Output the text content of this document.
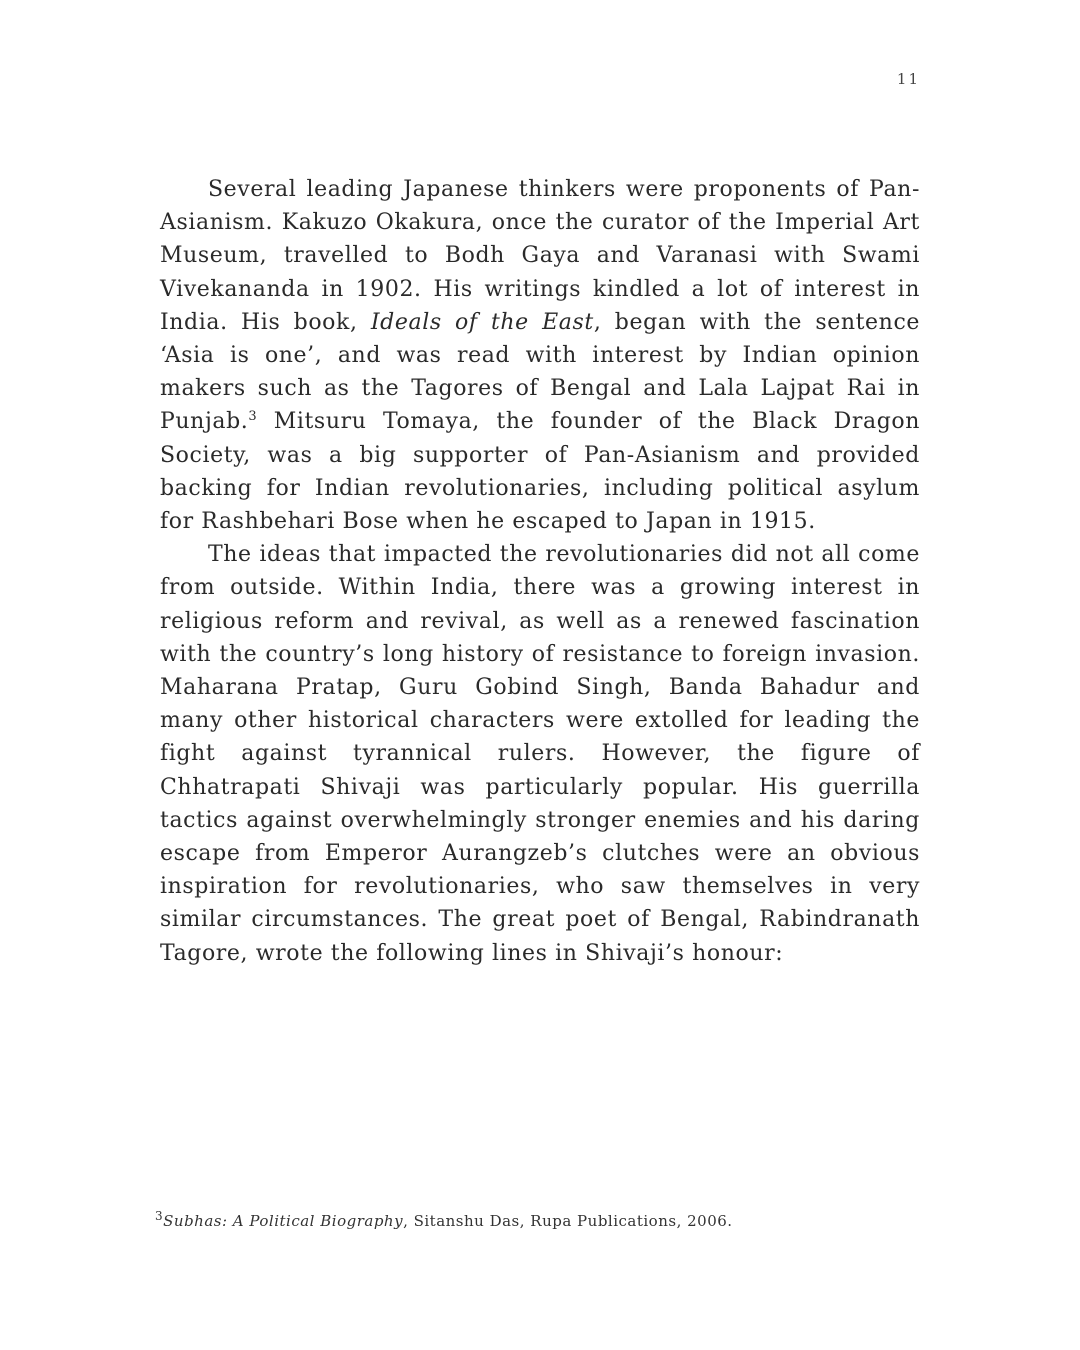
11

Several leading Japanese thinkers were proponents of Pan-Asianism. Kakuzo Okakura, once the curator of the Imperial Art Museum, travelled to Bodh Gaya and Varanasi with Swami Vivekananda in 1902. His writings kindled a lot of interest in India. His book, Ideals of the East, began with the sentence ‘Asia is one’, and was read with interest by Indian opinion makers such as the Tagores of Bengal and Lala Lajpat Rai in Punjab.$^3$ Mitsuru Tomaya, the founder of the Black Dragon Society, was a big supporter of Pan-Asianism and provided backing for Indian revolutionaries, including political asylum for Rashbehari Bose when he escaped to Japan in 1915.

The ideas that impacted the revolutionaries did not all come from outside. Within India, there was a growing interest in religious reform and revival, as well as a renewed fascination with the country’s long history of resistance to foreign invasion. Maharana Pratap, Guru Gobind Singh, Banda Bahadur and many other historical characters were extolled for leading the fight against tyrannical rulers. However, the figure of Chhatrapati Shivaji was particularly popular. His guerrilla tactics against overwhelmingly stronger enemies and his daring escape from Emperor Aurangzeb’s clutches were an obvious inspiration for revolutionaries, who saw themselves in very similar circumstances. The great poet of Bengal, Rabindranath Tagore, wrote the following lines in Shivaji’s honour:

$^3$Subhas: A Political Biography, Sitanshu Das, Rupa Publications, 2006.
